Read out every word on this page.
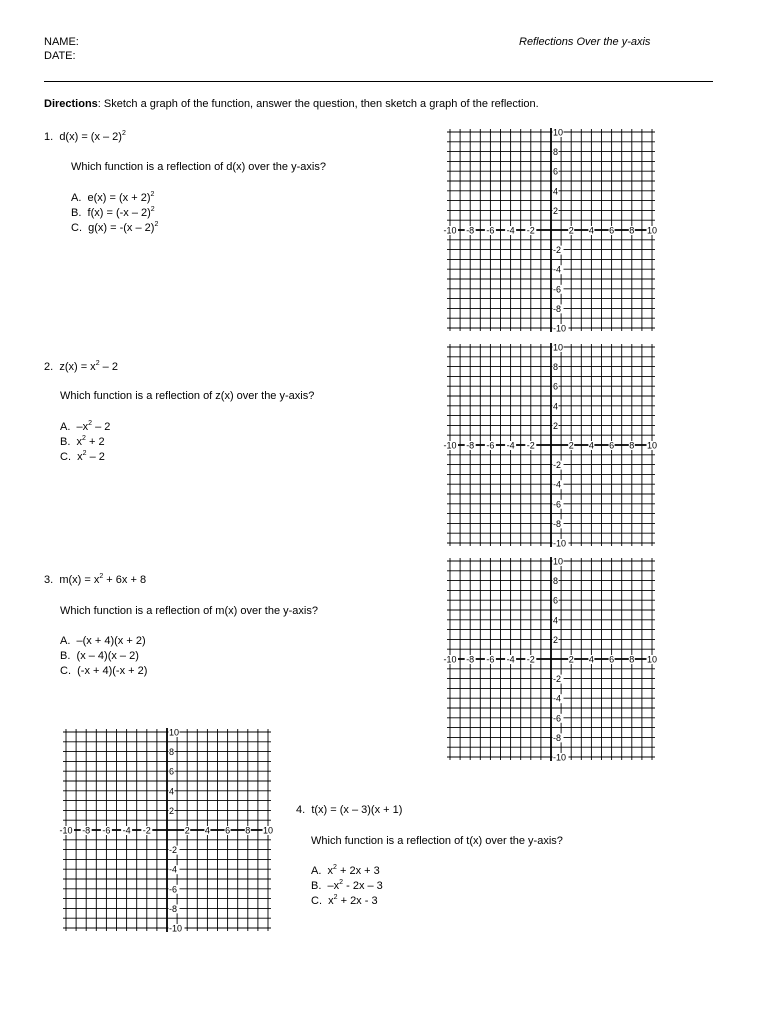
NAME:
DATE:
Reflections Over the y-axis
Directions: Sketch a graph of the function, answer the question, then sketch a graph of the reflection.
1. d(x) = (x – 2)$^2$
Which function is a reflection of d(x) over the y-axis?
A. $e(x) = (x + 2)^2$
B. f(x) = (-x – 2)$^2$
C. g(x) = -(x – 2)$^2$
2. $z(x) = x^2 - 2$
Which function is a reflection of z(x) over the y-axis?
A. $-x^2 - 2$
B. $x^2 + 2$
C. $x^2 - 2$
3. $m(x) = x^2 + 6x + 8$
Which function is a reflection of m(x) over the y-axis?
A. –(x + 4)(x + 2)
B. (x – 4)(x – 2)
C. (-x + 4)(-x + 2)
4. t(x) = (x – 3)(x + 1)
Which function is a reflection of t(x) over the y-axis?
A. $x^2 + 2x + 3$
B. $-x^2 - 2x - 3$
C. $x^2 + 2x - 3$
-10 -8 -6 -4 -2	2 4 6 8 10
10
8
6
4
2
-2
-4
-6
-8
-10
-10 -8 -6 -4 -2	2 4 6 8 10
10
8
6
4
2
-2
-4
-6
-8
-10
-10 -8 -6 -4 -2	2 4 6 8 10
10
8
6
4
2
-2
-4
-6
-8
-10
-10 -8 -6 -4 -2	2 4 6 8 10
10
8
6
4
2
-2
-4
-6
-8
-10
